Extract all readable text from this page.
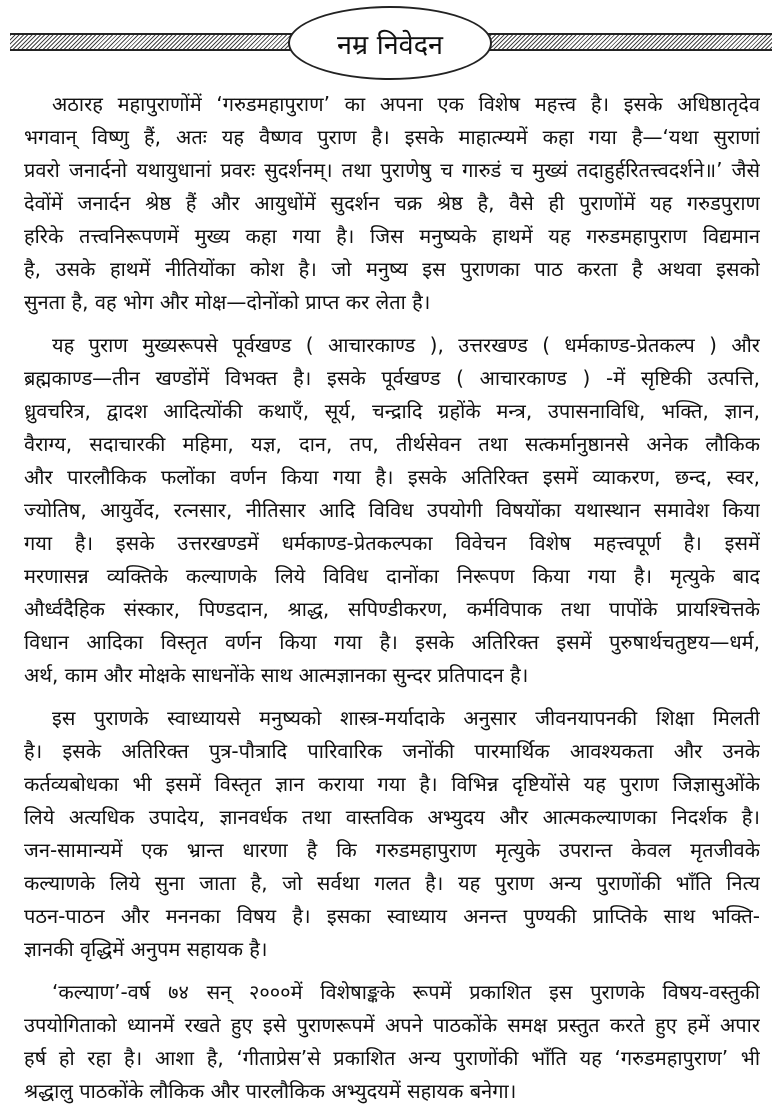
नम्र निवेदन
अठारह महापुराणोंमें ‘गरुडमहापुराण’ का अपना एक विशेष महत्त्व है। इसके अधिष्ठातृदेव
भगवान् विष्णु हैं, अतः यह वैष्णव पुराण है। इसके माहात्म्यमें कहा गया है—‘यथा सुराणां
प्रवरो जनार्दनो यथायुधानां प्रवरः सुदर्शनम्। तथा पुराणेषु च गारुडं च मुख्यं तदाहुर्हरितत्त्वदर्शने॥’ जैसे
देवोंमें जनार्दन श्रेष्ठ हैं और आयुधोंमें सुदर्शन चक्र श्रेष्ठ है, वैसे ही पुराणोंमें यह गरुडपुराण
हरिके तत्त्वनिरूपणमें मुख्य कहा गया है। जिस मनुष्यके हाथमें यह गरुडमहापुराण विद्यमान
है, उसके हाथमें नीतियोंका कोश है। जो मनुष्य इस पुराणका पाठ करता है अथवा इसको
सुनता है, वह भोग और मोक्ष—दोनोंको प्राप्त कर लेता है।
यह पुराण मुख्यरूपसे पूर्वखण्ड ( आचारकाण्ड ), उत्तरखण्ड ( धर्मकाण्ड-प्रेतकल्प ) और
ब्रह्मकाण्ड—तीन खण्डोंमें विभक्त है। इसके पूर्वखण्ड ( आचारकाण्ड ) -में सृष्टिकी उत्पत्ति,
ध्रुवचरित्र, द्वादश आदित्योंकी कथाएँ, सूर्य, चन्द्रादि ग्रहोंके मन्त्र, उपासनाविधि, भक्ति, ज्ञान,
वैराग्य, सदाचारकी महिमा, यज्ञ, दान, तप, तीर्थसेवन तथा सत्कर्मानुष्ठानसे अनेक लौकिक
और पारलौकिक फलोंका वर्णन किया गया है। इसके अतिरिक्त इसमें व्याकरण, छन्द, स्वर,
ज्योतिष, आयुर्वेद, रत्नसार, नीतिसार आदि विविध उपयोगी विषयोंका यथास्थान समावेश किया
गया है। इसके उत्तरखण्डमें धर्मकाण्ड-प्रेतकल्पका विवेचन विशेष महत्त्वपूर्ण है। इसमें
मरणासन्न व्यक्तिके कल्याणके लिये विविध दानोंका निरूपण किया गया है। मृत्युके बाद
और्ध्वदैहिक संस्कार, पिण्डदान, श्राद्ध, सपिण्डीकरण, कर्मविपाक तथा पापोंके प्रायश्चित्तके
विधान आदिका विस्तृत वर्णन किया गया है। इसके अतिरिक्त इसमें पुरुषार्थचतुष्टय—धर्म,
अर्थ, काम और मोक्षके साधनोंके साथ आत्मज्ञानका सुन्दर प्रतिपादन है।
इस पुराणके स्वाध्यायसे मनुष्यको शास्त्र-मर्यादाके अनुसार जीवनयापनकी शिक्षा मिलती
है। इसके अतिरिक्त पुत्र-पौत्रादि पारिवारिक जनोंकी पारमार्थिक आवश्यकता और उनके
कर्तव्यबोधका भी इसमें विस्तृत ज्ञान कराया गया है। विभिन्न दृष्टियोंसे यह पुराण जिज्ञासुओंके
लिये अत्यधिक उपादेय, ज्ञानवर्धक तथा वास्तविक अभ्युदय और आत्मकल्याणका निदर्शक है।
जन-सामान्यमें एक भ्रान्त धारणा है कि गरुडमहापुराण मृत्युके उपरान्त केवल मृतजीवके
कल्याणके लिये सुना जाता है, जो सर्वथा गलत है। यह पुराण अन्य पुराणोंकी भाँति नित्य
पठन-पाठन और मननका विषय है। इसका स्वाध्याय अनन्त पुण्यकी प्राप्तिके साथ भक्ति-
ज्ञानकी वृद्धिमें अनुपम सहायक है।
‘कल्याण’-वर्ष ७४ सन् २०००में विशेषाङ्कके रूपमें प्रकाशित इस पुराणके विषय-वस्तुकी
उपयोगिताको ध्यानमें रखते हुए इसे पुराणरूपमें अपने पाठकोंके समक्ष प्रस्तुत करते हुए हमें अपार
हर्ष हो रहा है। आशा है, ‘गीताप्रेस’से प्रकाशित अन्य पुराणोंकी भाँति यह ‘गरुडमहापुराण’ भी
श्रद्धालु पाठकोंके लौकिक और पारलौकिक अभ्युदयमें सहायक बनेगा।
